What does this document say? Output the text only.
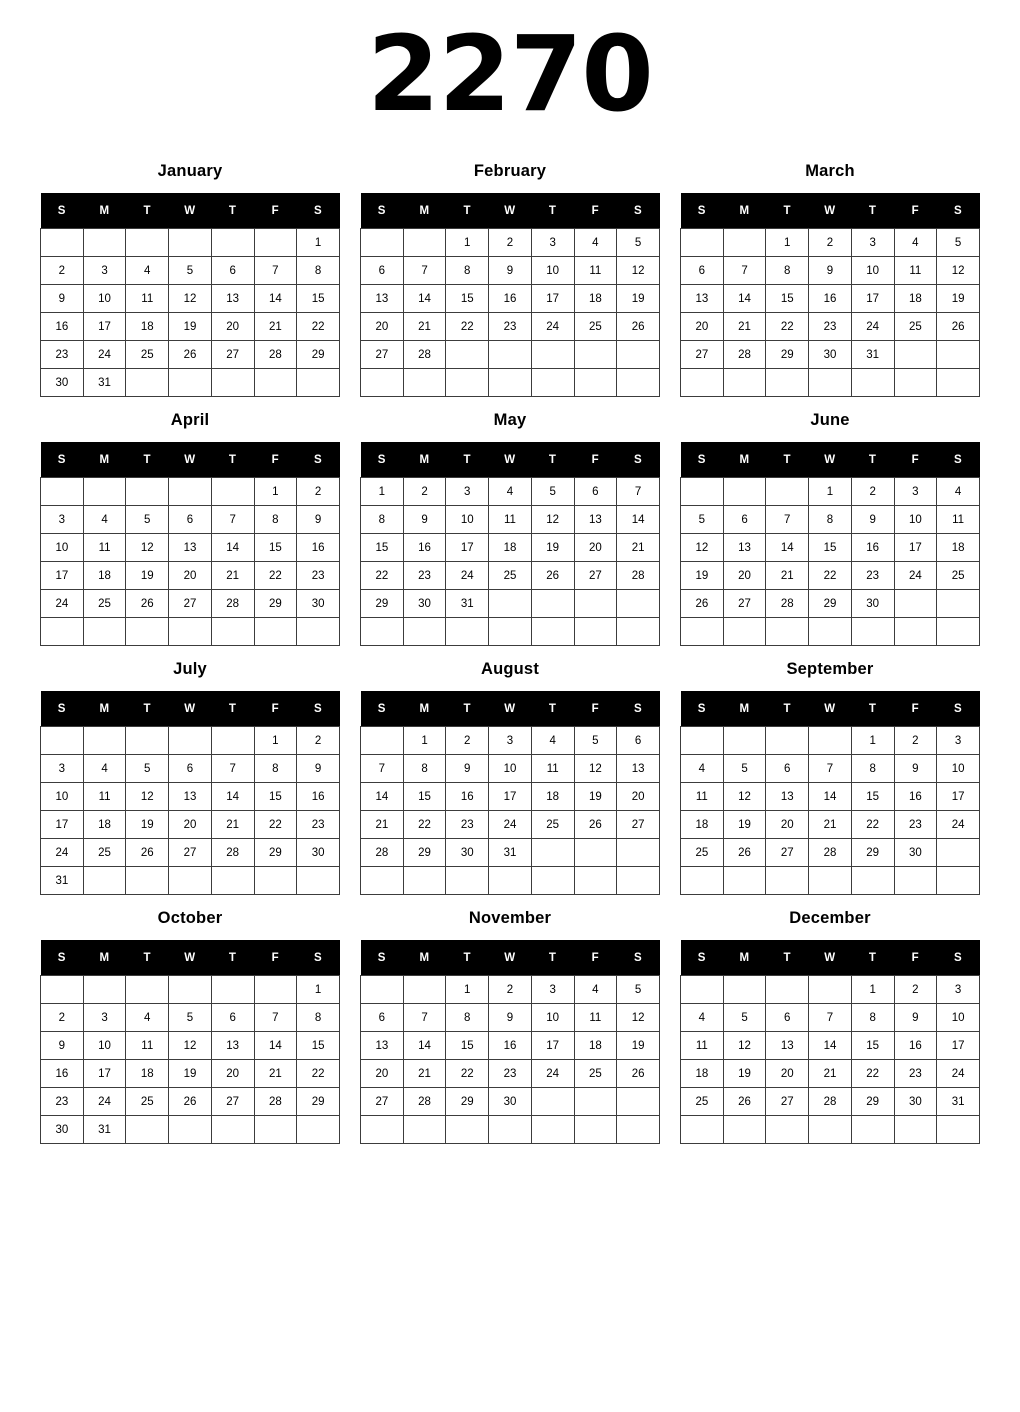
2270
January
S	M	T	W	T	F	S
						1
2	3	4	5	6	7	8
9	10	11	12	13	14	15
16	17	18	19	20	21	22
23	24	25	26	27	28	29
30	31					
February
S	M	T	W	T	F	S
		1	2	3	4	5
6	7	8	9	10	11	12
13	14	15	16	17	18	19
20	21	22	23	24	25	26
27	28					

March
S	M	T	W	T	F	S
		1	2	3	4	5
6	7	8	9	10	11	12
13	14	15	16	17	18	19
20	21	22	23	24	25	26
27	28	29	30	31		

April
S	M	T	W	T	F	S
					1	2
3	4	5	6	7	8	9
10	11	12	13	14	15	16
17	18	19	20	21	22	23
24	25	26	27	28	29	30

May
S	M	T	W	T	F	S
1	2	3	4	5	6	7
8	9	10	11	12	13	14
15	16	17	18	19	20	21
22	23	24	25	26	27	28
29	30	31				

June
S	M	T	W	T	F	S
			1	2	3	4
5	6	7	8	9	10	11
12	13	14	15	16	17	18
19	20	21	22	23	24	25
26	27	28	29	30		

July
S	M	T	W	T	F	S
					1	2
3	4	5	6	7	8	9
10	11	12	13	14	15	16
17	18	19	20	21	22	23
24	25	26	27	28	29	30
31						
August
S	M	T	W	T	F	S
	1	2	3	4	5	6
7	8	9	10	11	12	13
14	15	16	17	18	19	20
21	22	23	24	25	26	27
28	29	30	31			

September
S	M	T	W	T	F	S
				1	2	3
4	5	6	7	8	9	10
11	12	13	14	15	16	17
18	19	20	21	22	23	24
25	26	27	28	29	30	

October
S	M	T	W	T	F	S
						1
2	3	4	5	6	7	8
9	10	11	12	13	14	15
16	17	18	19	20	21	22
23	24	25	26	27	28	29
30	31					
November
S	M	T	W	T	F	S
		1	2	3	4	5
6	7	8	9	10	11	12
13	14	15	16	17	18	19
20	21	22	23	24	25	26
27	28	29	30			

December
S	M	T	W	T	F	S
				1	2	3
4	5	6	7	8	9	10
11	12	13	14	15	16	17
18	19	20	21	22	23	24
25	26	27	28	29	30	31
